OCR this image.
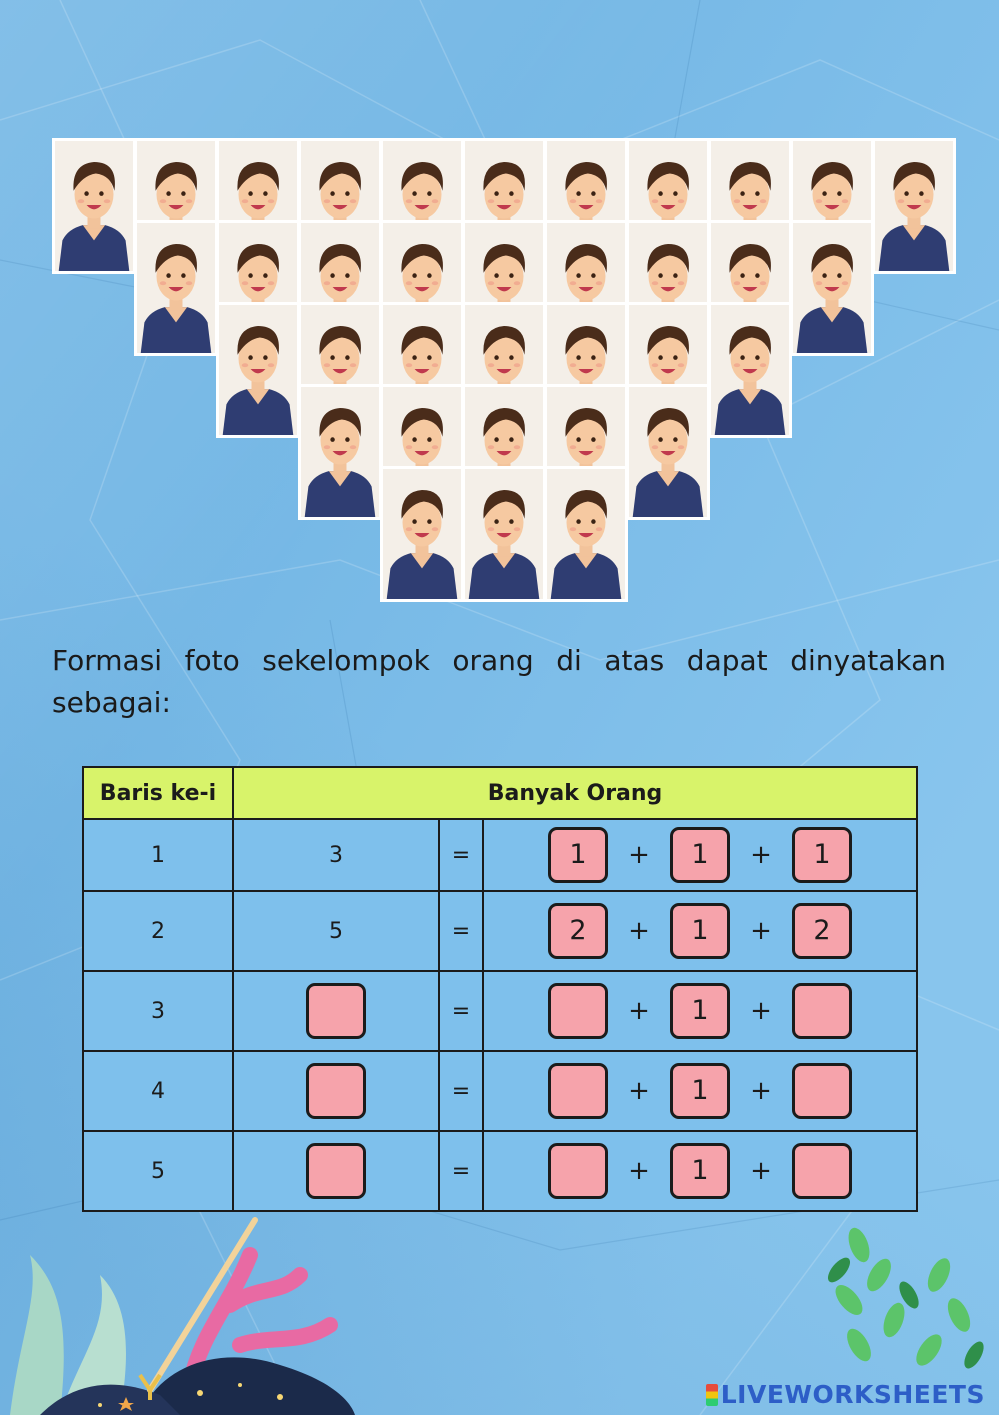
Formasi foto sekelompok orang di atas dapat dinyatakan sebagai:

Baris ke-i	Banyak Orang		
1	3	=	1 + 1 + 1
2	5	=	2 + 1 + 2
3		=	+ 1 +
4		=	+ 1 +
5		=	+ 1 +
LIVEWORKSHEETS
